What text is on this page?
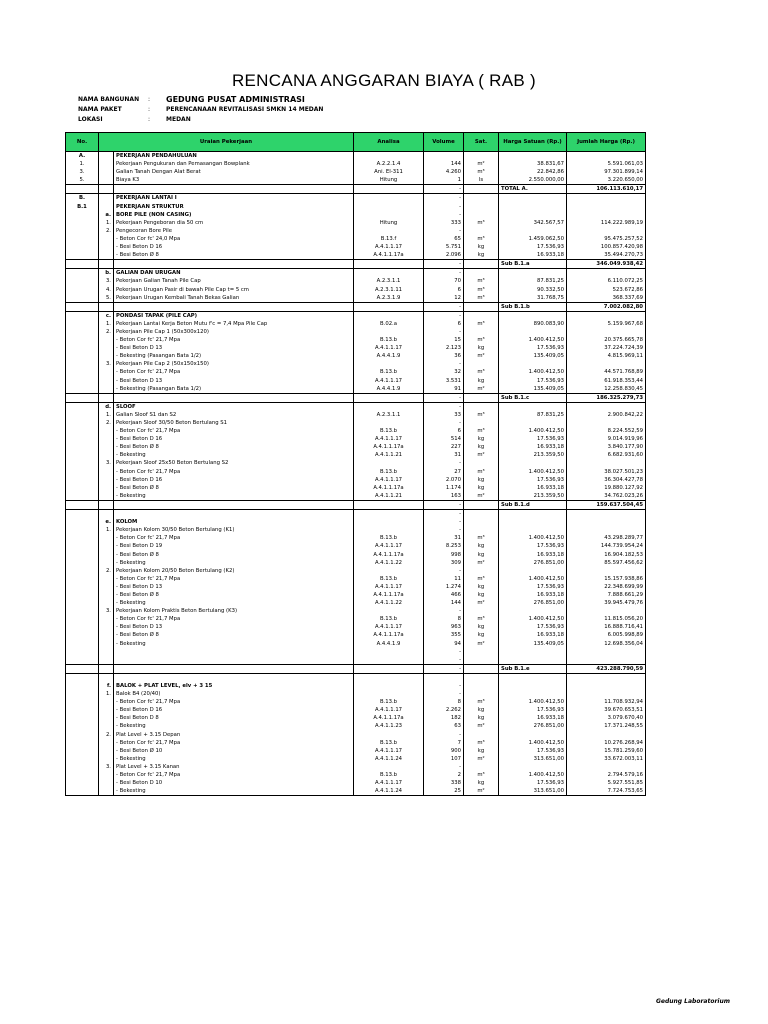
RENCANA ANGGARAN BIAYA ( RAB )
NAMA BANGUNAN	:	GEDUNG PUSAT ADMINISTRASI
NAMA PAKET	:	PERENCANAAN REVITALISASI SMKN 14 MEDAN
LOKASI	:	MEDAN
No.	Uraian Pekerjaan		Analisa	Volume	Sat.	Harga Satuan (Rp.)	Jumlah Harga (Rp.)
A.		PEKERJAAN PENDAHULUAN					
1.		Pekerjaan Pengukuran dan Pemasangan Bowplank	A.2.2.1.4	144	m²	38.831,67	5.591.061,03
3.		Galian Tanah Dengan Alat Berat	Ani. EI-311	4.260	m³	22.842,86	97.301.899,14
5.		Biaya K3	Hitung	1	ls	2.550.000,00	3.220.650,00
				-		TOTAL A.	106.113.610,17
B.		PEKERJAAN LANTAI I		-			
B.1		PEKERJAAN STRUKTUR		-			
	a.	BORE PILE (NON CASING)		-			
	1.	Pekerjaan Pengeboran dia 50 cm	Hitung	333	m³	342.567,57	114.222.989,19
	2.	Pengecoran Bore Pile		-			
		- Beton Cor fc' 24,0 Mpa	B.13.f	65	m³	1.459.062,50	95.475.257,52
		- Besi Beton D 16	A.4.1.1.17	5.751	kg	17.536,93	100.857.420,98
		- Besi Beton Ø 8	A.4.1.1.17a	2.096	kg	16.933,18	35.494.270,73
				-		Sub B.1.a	346.049.938,42
	b.	GALIAN DAN URUGAN		-			
	3.	Pekerjaan Galian Tanah Pile Cap	A.2.3.1.1	70	m³	87.831,25	6.110.072,25
	4.	Pekerjaan Urugan Pasir di bawah Pile Cap t= 5 cm	A.2.3.1.11	6	m³	90.332,50	523.672,86
	5.	Pekerjaan Urugan Kembali Tanah Bekas Galian	A.2.3.1.9	12	m³	31.768,75	368.337,69
				-		Sub B.1.b	7.002.082,80
	c.	PONDASI TAPAK (PILE CAP)		-			
	1.	Pekerjaan Lantai Kerja Beton Mutu f'c = 7,4 Mpa Pile Cap	B.02.a	6	m³	890.083,90	5.159.967,68
	2.	Pekerjaan Pile Cap 1 (50x300x120)		-			
		- Beton Cor fc' 21,7 Mpa	B.13.b	15	m³	1.400.412,50	20.375.665,78
		- Besi Beton D 13	A.4.1.1.17	2.123	kg	17.536,93	37.224.724,39
		- Bekesting (Pasangan Bata 1/2)	A.4.4.1.9	36	m²	135.409,05	4.815.969,11
	3.	Pekerjaan Pile Cap 2 (50x150x150)		-			
		- Beton Cor fc' 21,7 Mpa	B.13.b	32	m³	1.400.412,50	44.571.768,89
		- Besi Beton D 13	A.4.1.1.17	3.531	kg	17.536,93	61.918.353,44
		- Bekesting (Pasangan Bata 1/2)	A.4.4.1.9	91	m²	135.409,05	12.258.830,45
				-		Sub B.1.c	186.325.279,73
	d.	SLOOF		-			
	1.	Galian Sloof S1 dan S2	A.2.3.1.1	33	m³	87.831,25	2.900.842,22
	2.	Pekerjaan Sloof 30/50 Beton Bertulang S1		-			
		- Beton Cor fc' 21,7 Mpa	B.13.b	6	m³	1.400.412,50	8.224.552,59
		- Besi Beton D 16	A.4.1.1.17	514	kg	17.536,93	9.014.919,96
		- Besi Beton Ø 8	A.4.1.1.17a	227	kg	16.933,18	3.840.177,90
		- Bekesting	A.4.1.1.21	31	m²	213.359,50	6.682.931,60
	3.	Pekerjaan Sloof 25x50 Beton Bertulang S2		-			
		- Beton Cor fc' 21,7 Mpa	B.13.b	27	m³	1.400.412,50	38.027.501,23
		- Besi Beton D 16	A.4.1.1.17	2.070	kg	17.536,93	36.304.427,78
		- Besi Beton Ø 8	A.4.1.1.17a	1.174	kg	16.933,18	19.880.127,92
		- Bekesting	A.4.1.1.21	163	m²	213.359,50	34.762.023,26
				-		Sub B.1.d	159.637.504,45
				-			
	e.	KOLOM		-			
	1.	Pekerjaan Kolom 30/50 Beton Bertulang (K1)		-			
		- Beton Cor fc' 21,7 Mpa	B.13.b	31	m³	1.400.412,50	43.298.289,77
		- Besi Beton D 19	A.4.1.1.17	8.253	kg	17.536,93	144.739.954,24
		- Besi Beton Ø 8	A.4.1.1.17a	998	kg	16.933,18	16.904.182,53
		- Bekesting	A.4.1.1.22	309	m²	276.851,00	85.597.456,62
	2.	Pekerjaan Kolom 20/50 Beton Bertulang (K2)		-			
		- Beton Cor fc' 21,7 Mpa	B.13.b	11	m³	1.400.412,50	15.157.938,86
		- Besi Beton D 13	A.4.1.1.17	1.274	kg	17.536,93	22.348.699,99
		- Besi Beton Ø 8	A.4.1.1.17a	466	kg	16.933,18	7.888.661,29
		- Bekesting	A.4.1.1.22	144	m²	276.851,00	39.945.479,76
	3.	Pekerjaan Kolom Praktis Beton Bertulang (K3)		-			
		- Beton Cor fc' 21,7 Mpa	B.13.b	8	m³	1.400.412,50	11.815.056,20
		- Besi Beton D 13	A.4.1.1.17	963	kg	17.536,93	16.888.716,41
		- Besi Beton Ø 8	A.4.1.1.17a	355	kg	16.933,18	6.005.998,89
		- Bekesting	A.4.4.1.9	94	m²	135.409,05	12.698.356,04
				-			
				-			
				-		Sub B.1.e	423.288.790,59

	f.	BALOK + PLAT LEVEL, elv + 3 15		-			
	1.	Balok B4 (20/40)		-			
		- Beton Cor fc' 21,7 Mpa	B.13.b	8	m³	1.400.412,50	11.708.932,94
		- Besi Beton D 16	A.4.1.1.17	2.262	kg	17.536,93	39.670.653,51
		- Besi Beton D 8	A.4.1.1.17a	182	kg	16.933,18	3.079.670,40
		- Bekesting	A.4.1.1.23	63	m²	276.851,00	17.371.248,55
	2.	Plat Level + 3.15 Depan		-			
		- Beton Cor fc' 21,7 Mpa	B.13.b	7	m³	1.400.412,50	10.276.268,94
		- Besi Beton Ø 10	A.4.1.1.17	900	kg	17.536,93	15.781.259,60
		- Bekesting	A.4.1.1.24	107	m²	313.651,00	33.672.003,11
	3.	Plat Level + 3.15 Kanan		-			
		- Beton Cor fc' 21,7 Mpa	B.13.b	2	m³	1.400.412,50	2.794.579,16
		- Besi Beton D 10	A.4.1.1.17	338	kg	17.536,93	5.927.551,85
		- Bekesting	A.4.1.1.24	25	m²	313.651,00	7.724.753,65
Gedung Laboratorium
